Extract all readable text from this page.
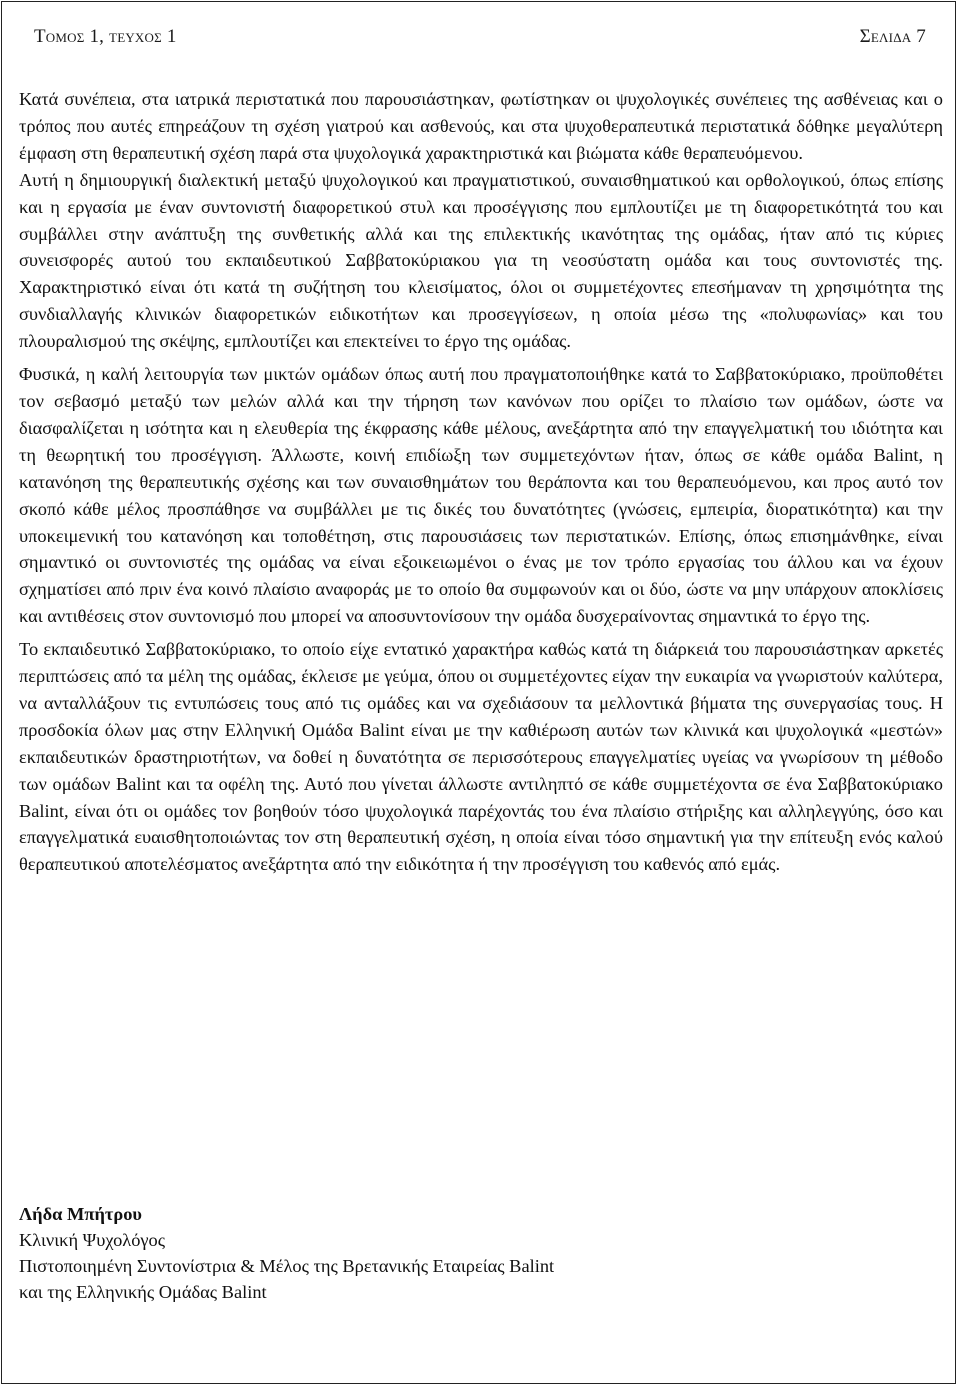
Τομος 1, τευχος 1	Σελιδα 7

Κατά συνέπεια, στα ιατρικά περιστατικά που παρουσιάστηκαν, φωτίστηκαν οι ψυχολογικές συνέπειες της ασθένειας και ο τρόπος που αυτές επηρεάζουν τη σχέση γιατρού και ασθενούς, και στα ψυχοθεραπευτικά περιστατικά δόθηκε μεγαλύτερη έμφαση στη θεραπευτική σχέση παρά στα ψυχολογικά χαρακτηριστικά και βιώματα κάθε θεραπευόμενου.

Αυτή η δημιουργική διαλεκτική μεταξύ ψυχολογικού και πραγματιστικού, συναισθηματικού και ορθολογικού, όπως επίσης και η εργασία με έναν συντονιστή διαφορετικού στυλ και προσέγγισης που εμπλουτίζει με τη διαφορετικότητά του και συμβάλλει στην ανάπτυξη της συνθετικής αλλά και της επιλεκτικής ικανότητας της ομάδας, ήταν από τις κύριες συνεισφορές αυτού του εκπαιδευτικού Σαββατοκύριακου για τη νεοσύστατη ομάδα και τους συντονιστές της. Χαρακτηριστικό είναι ότι κατά τη συζήτηση του κλεισίματος, όλοι οι συμμετέχοντες επεσήμαναν τη χρησιμότητα της συνδιαλλαγής κλινικών διαφορετικών ειδικοτήτων και προσεγγίσεων, η οποία μέσω της «πολυφωνίας» και του πλουραλισμού της σκέψης, εμπλουτίζει και επεκτείνει το έργο της ομάδας.

Φυσικά, η καλή λειτουργία των μικτών ομάδων όπως αυτή που πραγματοποιήθηκε κατά το Σαββατοκύριακο, προϋποθέτει τον σεβασμό μεταξύ των μελών αλλά και την τήρηση των κανόνων που ορίζει το πλαίσιο των ομάδων, ώστε να διασφαλίζεται η ισότητα και η ελευθερία της έκφρασης κάθε μέλους, ανεξάρτητα από την επαγγελματική του ιδιότητα και τη θεωρητική του προσέγγιση. Άλλωστε, κοινή επιδίωξη των συμμετεχόντων ήταν, όπως σε κάθε ομάδα Balint, η κατανόηση της θεραπευτικής σχέσης και των συναισθημάτων του θεράποντα και του θεραπευόμενου, και προς αυτό τον σκοπό κάθε μέλος προσπάθησε να συμβάλλει με τις δικές του δυνατότητες (γνώσεις, εμπειρία, διορατικότητα) και την υποκειμενική του κατανόηση και τοποθέτηση, στις παρουσιάσεις των περιστατικών. Επίσης, όπως επισημάνθηκε, είναι σημαντικό οι συντονιστές της ομάδας να είναι εξοικειωμένοι ο ένας με τον τρόπο εργασίας του άλλου και να έχουν σχηματίσει από πριν ένα κοινό πλαίσιο αναφοράς με το οποίο θα συμφωνούν και οι δύο, ώστε να μην υπάρχουν αποκλίσεις και αντιθέσεις στον συντονισμό που μπορεί να αποσυντονίσουν την ομάδα δυσχεραίνοντας σημαντικά το έργο της.

Το εκπαιδευτικό Σαββατοκύριακο, το οποίο είχε εντατικό χαρακτήρα καθώς κατά τη διάρκειά του παρουσιάστηκαν αρκετές περιπτώσεις από τα μέλη της ομάδας, έκλεισε με γεύμα, όπου οι συμμετέχοντες είχαν την ευκαιρία να γνωριστούν καλύτερα, να ανταλλάξουν τις εντυπώσεις τους από τις ομάδες και να σχεδιάσουν τα μελλοντικά βήματα της συνεργασίας τους. Η προσδοκία όλων μας στην Ελληνική Ομάδα Balint είναι με την καθιέρωση αυτών των κλινικά και ψυχολογικά «μεστών» εκπαιδευτικών δραστηριοτήτων, να δοθεί η δυνατότητα σε περισσότερους επαγγελματίες υγείας να γνωρίσουν τη μέθοδο των ομάδων Balint και τα οφέλη της. Αυτό που γίνεται άλλωστε αντιληπτό σε κάθε συμμετέχοντα σε ένα Σαββατοκύριακο Balint, είναι ότι οι ομάδες τον βοηθούν τόσο ψυχολογικά παρέχοντάς του ένα πλαίσιο στήριξης και αλληλεγγύης, όσο και επαγγελματικά ευαισθητοποιώντας τον στη θεραπευτική σχέση, η οποία είναι τόσο σημαντική για την επίτευξη ενός καλού θεραπευτικού αποτελέσματος ανεξάρτητα από την ειδικότητα ή την προσέγγιση του καθενός από εμάς.

Λήδα Μπήτρου
Κλινική Ψυχολόγος
Πιστοποιημένη Συντονίστρια & Μέλος της Βρετανικής Εταιρείας Balint
και της Ελληνικής Ομάδας Balint
